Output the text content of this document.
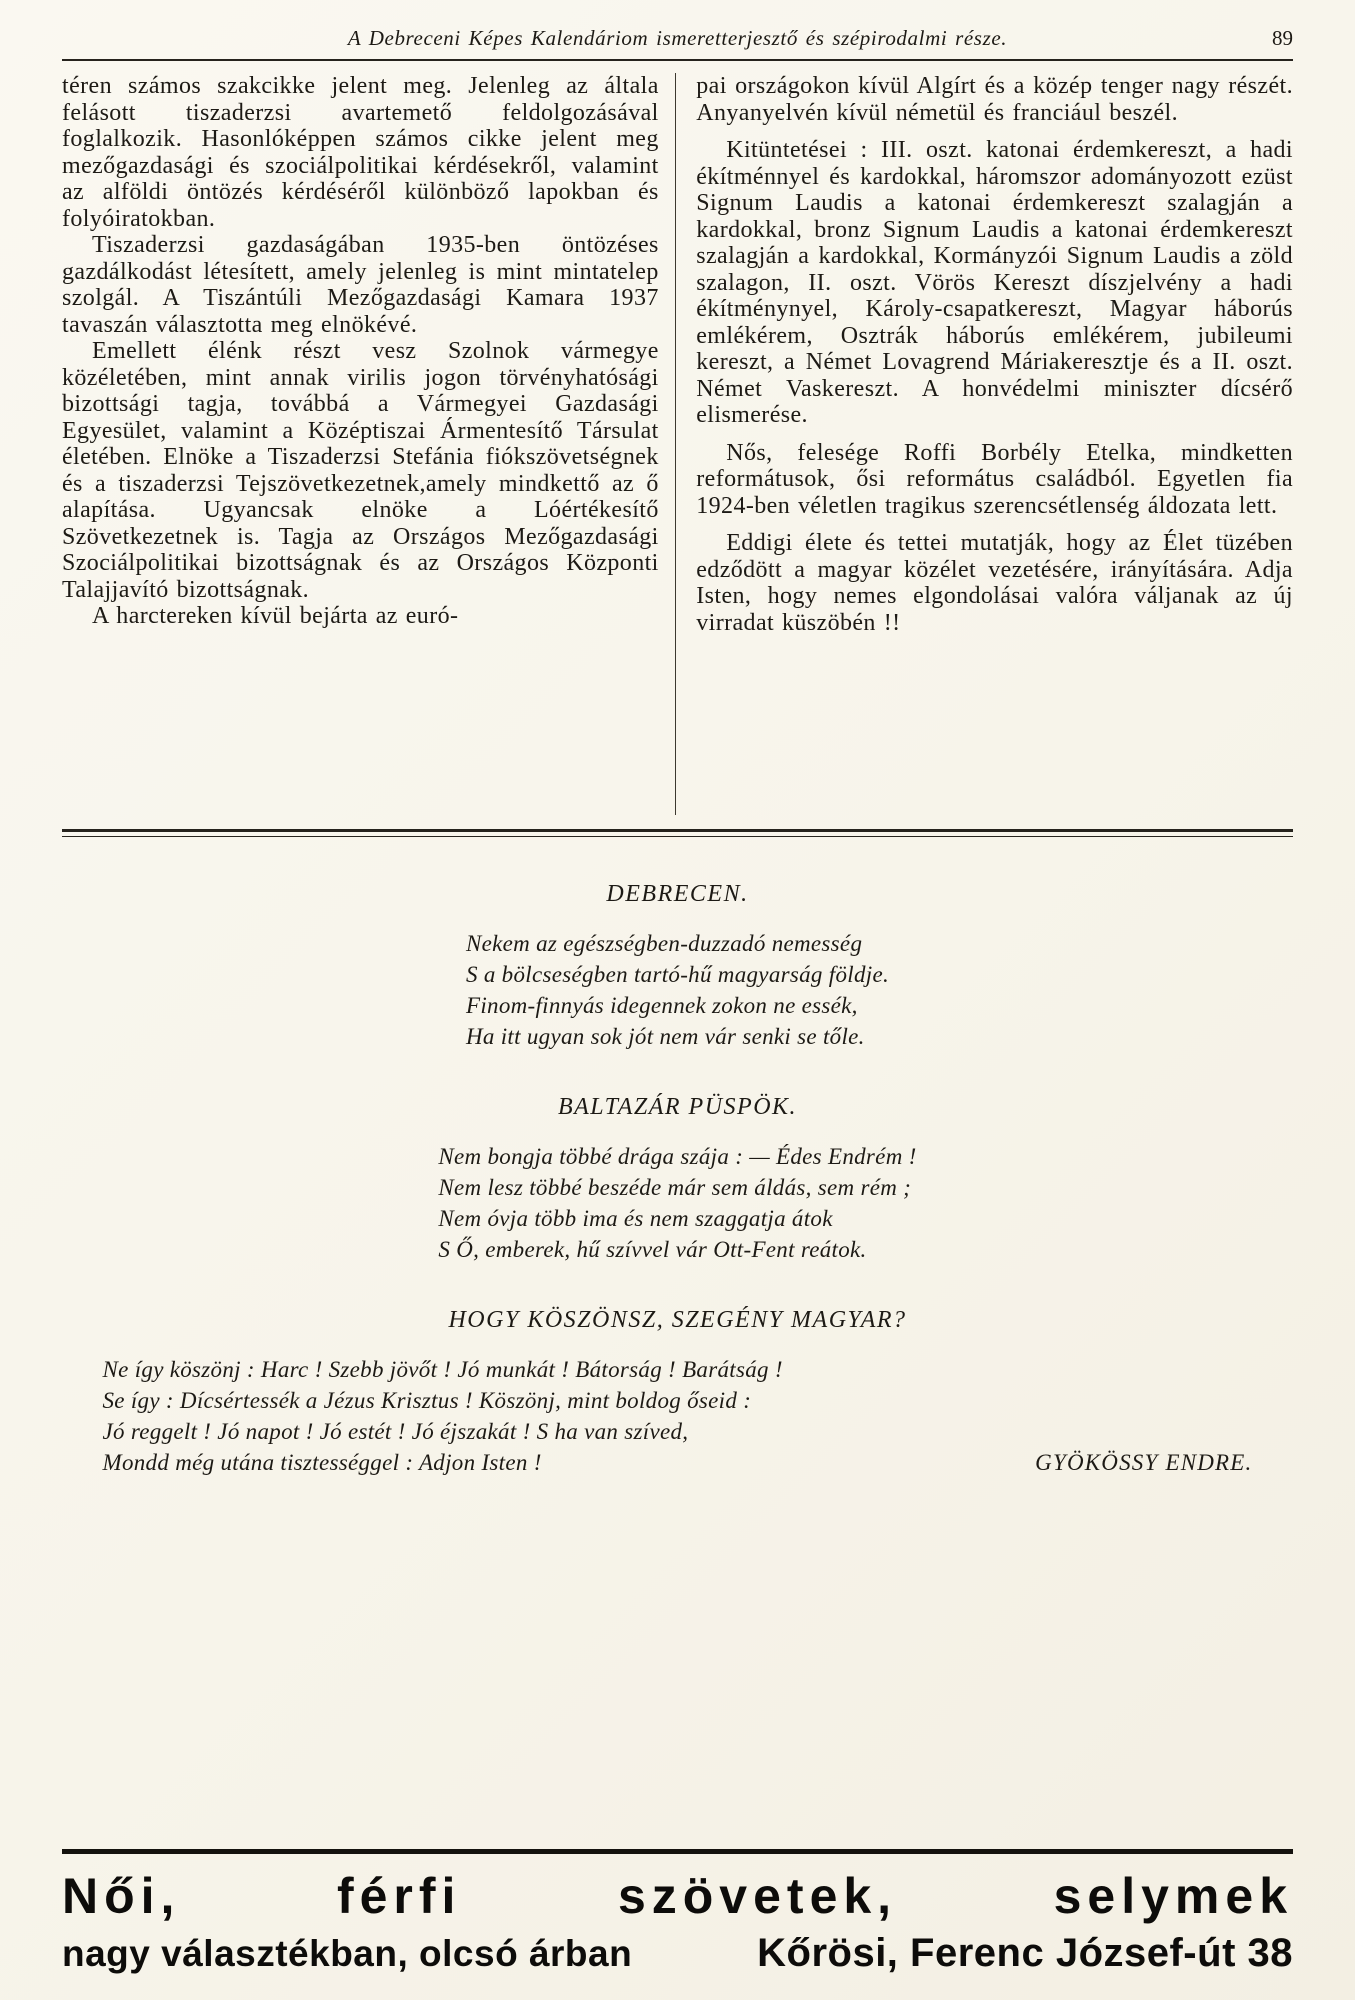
A Debreceni Képes Kalendáriom ismeretterjesztő és szépirodalmi része.	89

téren számos szakcikke jelent meg. Jelenleg az általa felásott tiszaderzsi avartemető feldolgozásával foglalkozik. Hasonlóképpen számos cikke jelent meg mezőgazdasági és szociálpolitikai kérdésekről, valamint az alföldi öntözés kérdéséről különböző lapokban és folyóiratokban.

Tiszaderzsi gazdaságában 1935-ben öntözéses gazdálkodást létesített, amely jelenleg is mint mintatelep szolgál. A Tiszántúli Mezőgazdasági Kamara 1937 tavaszán választotta meg elnökévé.

Emellett élénk részt vesz Szolnok vármegye közéletében, mint annak virilis jogon törvényhatósági bizottsági tagja, továbbá a Vármegyei Gazdasági Egyesület, valamint a Középtiszai Ármentesítő Társulat életében. Elnöke a Tiszaderzsi Stefánia fiókszövetségnek és a tiszaderzsi Tejszövetkezetnek,amely mindkettő az ő alapítása. Ugyancsak elnöke a Lóértékesítő Szövetkezetnek is. Tagja az Országos Mezőgazdasági Szociálpolitikai bizottságnak és az Országos Központi Talajjavító bizottságnak.

A harctereken kívül bejárta az euró-

pai országokon kívül Algírt és a közép tenger nagy részét. Anyanyelvén kívül németül és franciául beszél.

Kitüntetései : III. oszt. katonai érdemkereszt, a hadi ékítménnyel és kardokkal, háromszor adományozott ezüst Signum Laudis a katonai érdemkereszt szalagján a kardokkal, bronz Signum Laudis a katonai érdemkereszt szalagján a kardokkal, Kormányzói Signum Laudis a zöld szalagon, II. oszt. Vörös Kereszt díszjelvény a hadi ékítménynyel, Károly-csapatkereszt, Magyar háborús emlékérem, Osztrák háborús emlékérem, jubileumi kereszt, a Német Lovagrend Máriakeresztje és a II. oszt. Német Vaskereszt. A honvédelmi miniszter dícsérő elismerése.

Nős, felesége Roffi Borbély Etelka, mindketten reformátusok, ősi református családból. Egyetlen fia 1924-ben véletlen tragikus szerencsétlenség áldozata lett.

Eddigi élete és tettei mutatják, hogy az Élet tüzében edződött a magyar közélet vezetésére, irányítására. Adja Isten, hogy nemes elgondolásai valóra váljanak az új virradat küszöbén !!

DEBRECEN.
Nekem az egészségben-duzzadó nemesség
S a bölcseségben tartó-hű magyarság földje.
Finom-finnyás idegennek zokon ne essék,
Ha itt ugyan sok jót nem vár senki se tőle.
BALTAZÁR PÜSPÖK.
Nem bongja többé drága szája : — Édes Endrém !
Nem lesz többé beszéde már sem áldás, sem rém ;
Nem óvja több ima és nem szaggatja átok
S Ő, emberek, hű szívvel vár Ott-Fent reátok.
HOGY KÖSZÖNSZ, SZEGÉNY MAGYAR?
Ne így köszönj : Harc ! Szebb jövőt ! Jó munkát ! Bátorság ! Barátság !
Se így : Dícsértessék a Jézus Krisztus ! Köszönj, mint boldog őseid :
Jó reggelt ! Jó napot ! Jó estét ! Jó éjszakát ! S ha van szíved,
Mondd még utána tisztességgel : Adjon Isten !	GYÖKÖSSY ENDRE.
Női, férfi szövetek, selymek
nagy választékban, olcsó árban	Kőrösi, Ferenc József-út 38
